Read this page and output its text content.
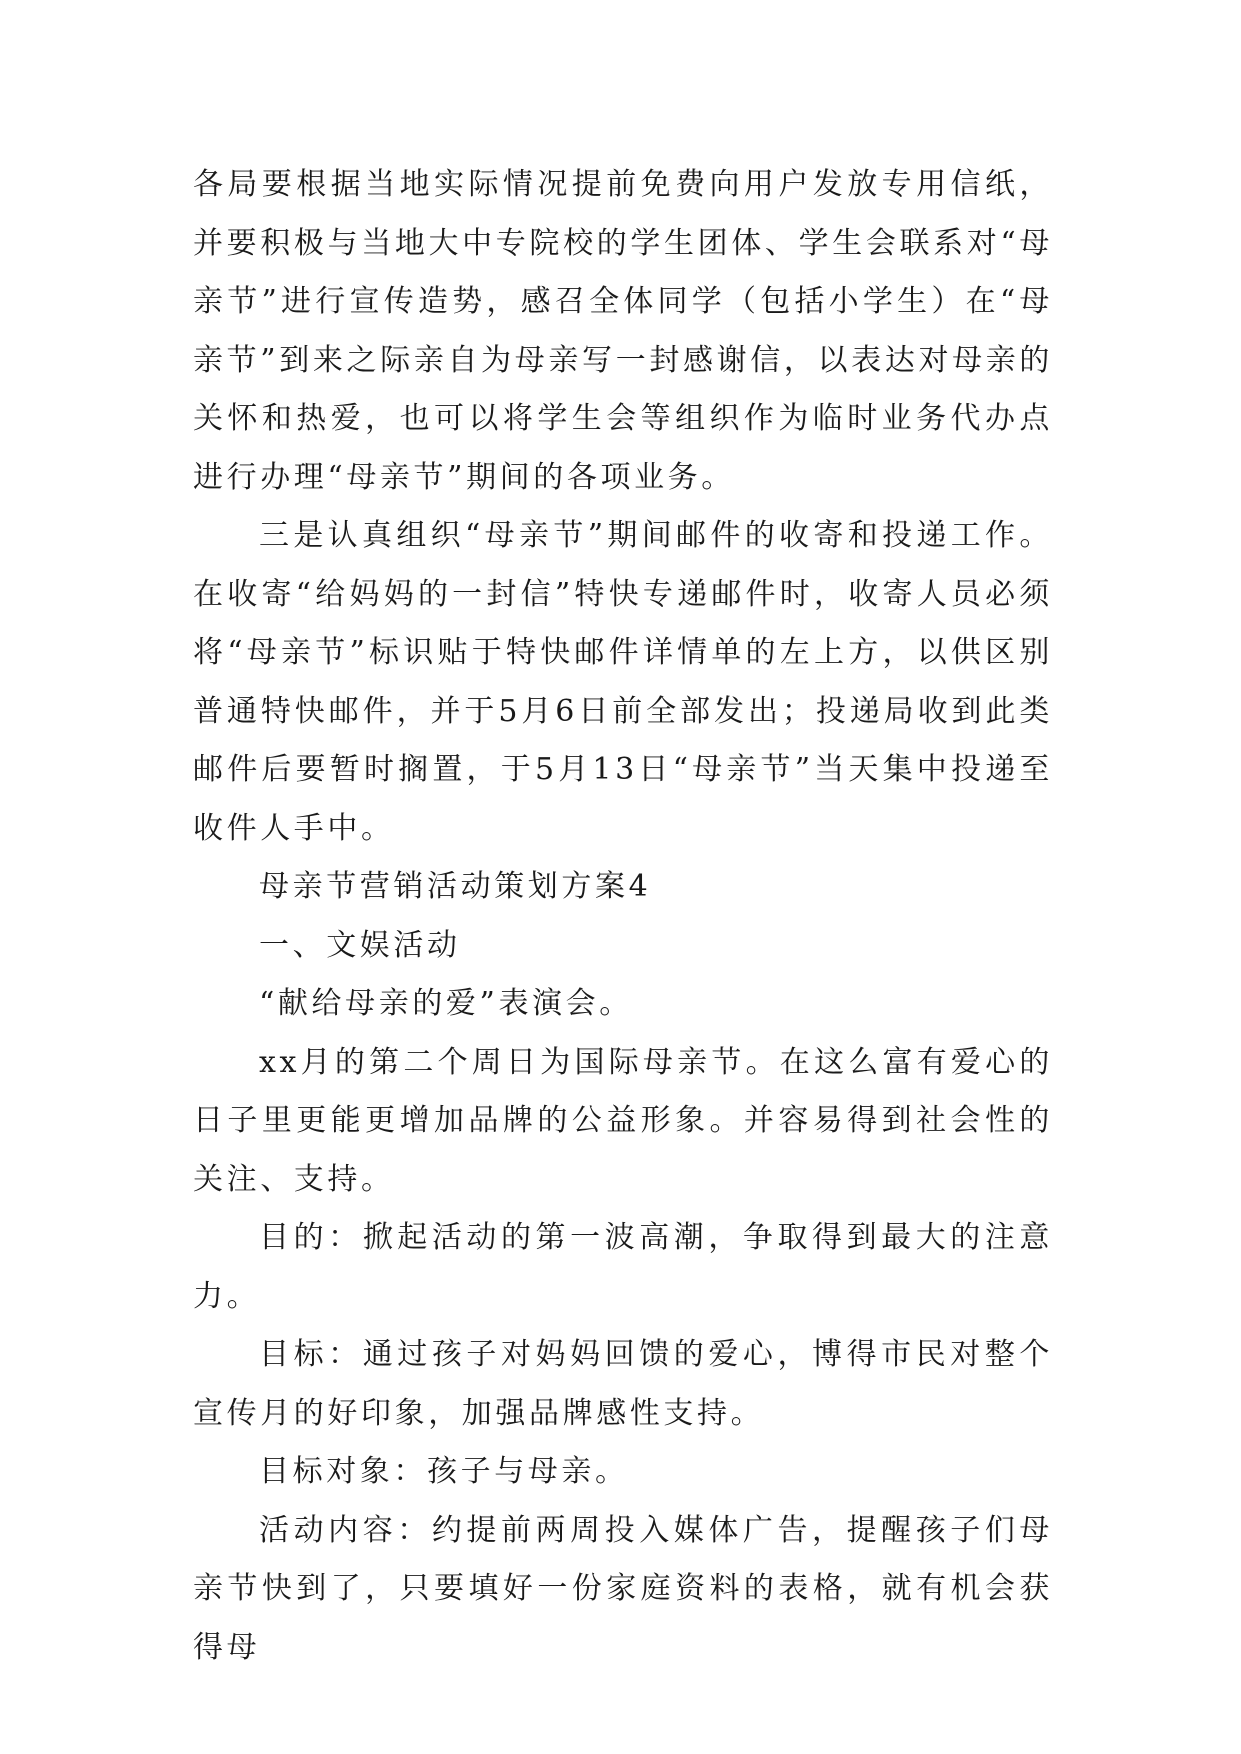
各局要根据当地实际情况提前免费向用户发放专用信纸，并要积极与当地大中专院校的学生团体、学生会联系对“母亲节”进行宣传造势，感召全体同学（包括小学生）在“母亲节”到来之际亲自为母亲写一封感谢信，以表达对母亲的关怀和热爱，也可以将学生会等组织作为临时业务代办点进行办理“母亲节”期间的各项业务。

三是认真组织“母亲节”期间邮件的收寄和投递工作。在收寄“给妈妈的一封信”特快专递邮件时，收寄人员必须将“母亲节”标识贴于特快邮件详情单的左上方，以供区别普通特快邮件，并于5月6日前全部发出；投递局收到此类邮件后要暂时搁置，于5月13日“母亲节”当天集中投递至收件人手中。

母亲节营销活动策划方案4

一、文娱活动

“献给母亲的爱”表演会。

xx月的第二个周日为国际母亲节。在这么富有爱心的日子里更能更增加品牌的公益形象。并容易得到社会性的关注、支持。

目的：掀起活动的第一波高潮，争取得到最大的注意力。

目标：通过孩子对妈妈回馈的爱心，博得市民对整个宣传月的好印象，加强品牌感性支持。

目标对象：孩子与母亲。

活动内容：约提前两周投入媒体广告，提醒孩子们母亲节快到了，只要填好一份家庭资料的表格，就有机会获得母
